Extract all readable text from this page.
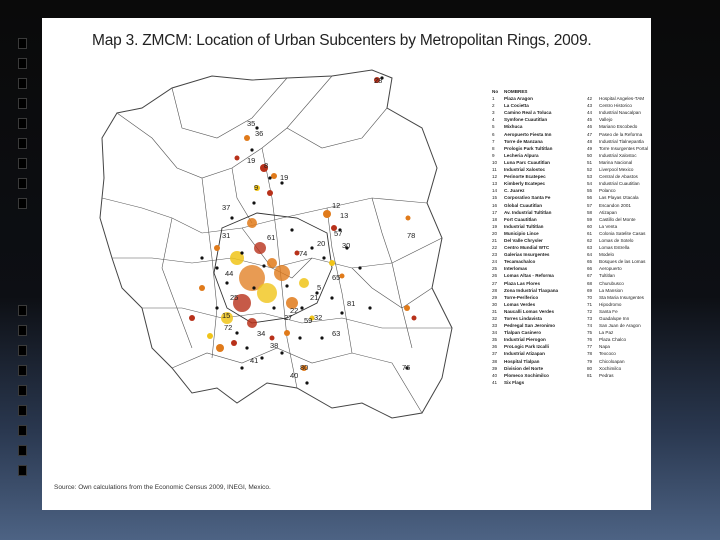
Map 3. ZMCM: Location of Urban Subcenters by Metropolitan Rings, 2009.
28
35
36
19
8
19
9
37	12
13
20
78
31
44
25
72
41
38
40
80	76
57
65
30
74
63
5
21
81
61
59 32
34
22
15	27
No	NOMBRES
1	Plaza Aragon
2	La Cocietta
3	Camino Real a Toluca
4	Symfone Cuautitlan
5	Mixhuca
6	Aeropuerto Fiesta Inn
7	Torre de Manzana
8	Prologis Park Tultitlan
9	Lecheria Alpura
10	Luna Parc Cuautitlan
11	Industrial Xalostoc
12	Perinorte Ecatepec
13	Kimberly Ecatepec
14	C. Juarez
15	Corporativo Santa Fe
16	Global Cuautitlan
17	Av. Industrial Tultitlan
18	Fort Cuautitlan
19	Industrial Tultitlan
20	Municipio Lince
21	Del Valle Chrysler
22	Centro Mundial WTC
23	Galerias Insurgentes
24	Tecamachalco
25	Interlomas
26	Lomas Altas - Reforma
27	Plaza Las Flores
28	Zona Industrial Tlaxpana
29	Torre-Periferico
30	Lomas Verdes
31	Naucalli Lomas Verdes
32	Torres Lindavista
33	Pedregal San Jeronimo
34	Tlalpan Casinero
35	Industrial Pierogon
36	ProLogic Park Izcalli
37	Industrial Atizapan
38	Hospital Tlalpan
39	Division del Norte
40	Plomeco Xochimilco
41	Six Flags

42	Hospital Angeles-TAM
43	Centro Historico
44	Industrial Naucalpan
45	Vallejo
46	Mariano Escobedo
47	Paseo de la Reforma
48	Industrial Tlalnepantla
49	Torre Insurgentes Portal
50	Industrial Xalostoc
51	Marina Nacional
52	Liverpool Mexico
53	Central de Abastos
54	Industrial Cuautitlan
55	Polanco
56	Las Playas Iztacala
57	Escandon 2001
58	Atizapan
59	Castillo del Monte
60	La Venta
61	Colonia Satelite Casas
62	Lomas de Sotelo
63	Lomas Estrella
64	Modelo
65	Bosques de las Lomas
66	Aeropuerto
67	Tultitlan
68	Churubusco
69	La Mansion
70	Sta Maria Insurgentes
71	Hipodromo
72	Santa Fe
73	Guadalupe Inn
74	San Juan de Aragon
75	La Paz
76	Plaza Chalco
77	Napa
78	Texcoco
79	Chicoloapan
80	Xochimilco
81	Pedras
Source: Own calculations from the Economic Census 2009, INEGI, Mexico.
